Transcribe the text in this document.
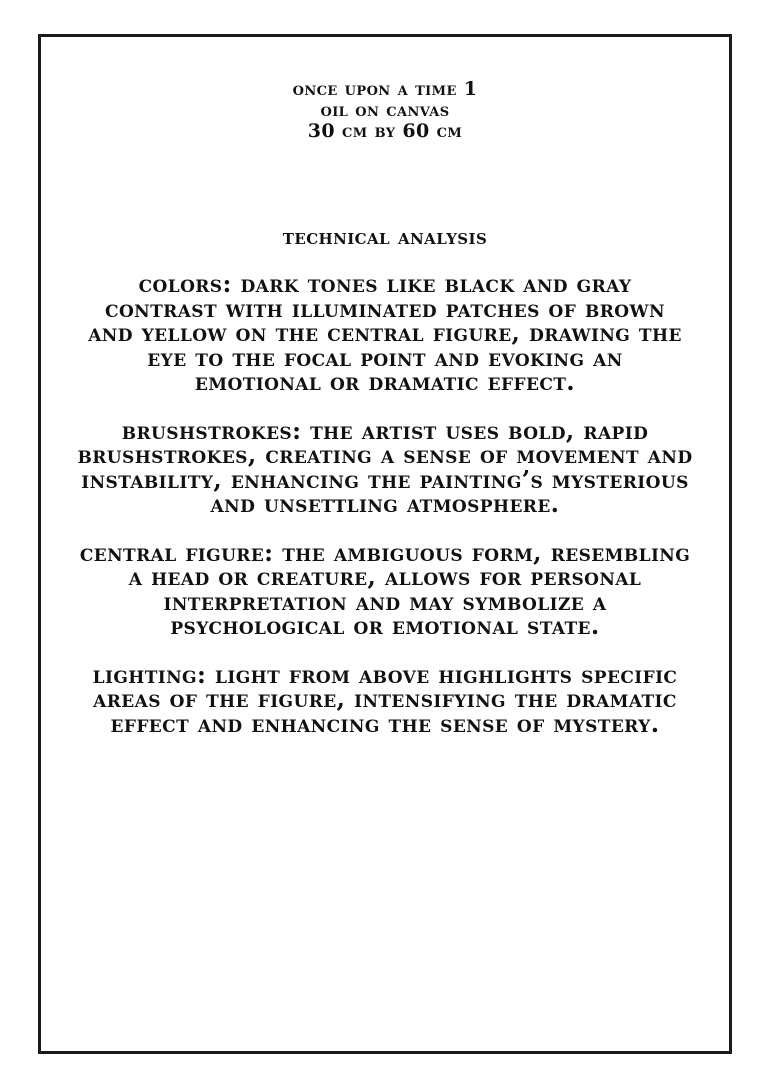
once upon a time 1
oil on canvas
30 cm by 60 cm
technical analysis
colors: dark tones like black and gray contrast with illuminated patches of brown and yellow on the central figure, drawing the eye to the focal point and evoking an emotional or dramatic effect.
brushstrokes: the artist uses bold, rapid brushstrokes, creating a sense of movement and instability, enhancing the painting’s mysterious and unsettling atmosphere.
central figure: the ambiguous form, resembling a head or creature, allows for personal interpretation and may symbolize a psychological or emotional state.
lighting: light from above highlights specific areas of the figure, intensifying the dramatic effect and enhancing the sense of mystery.
